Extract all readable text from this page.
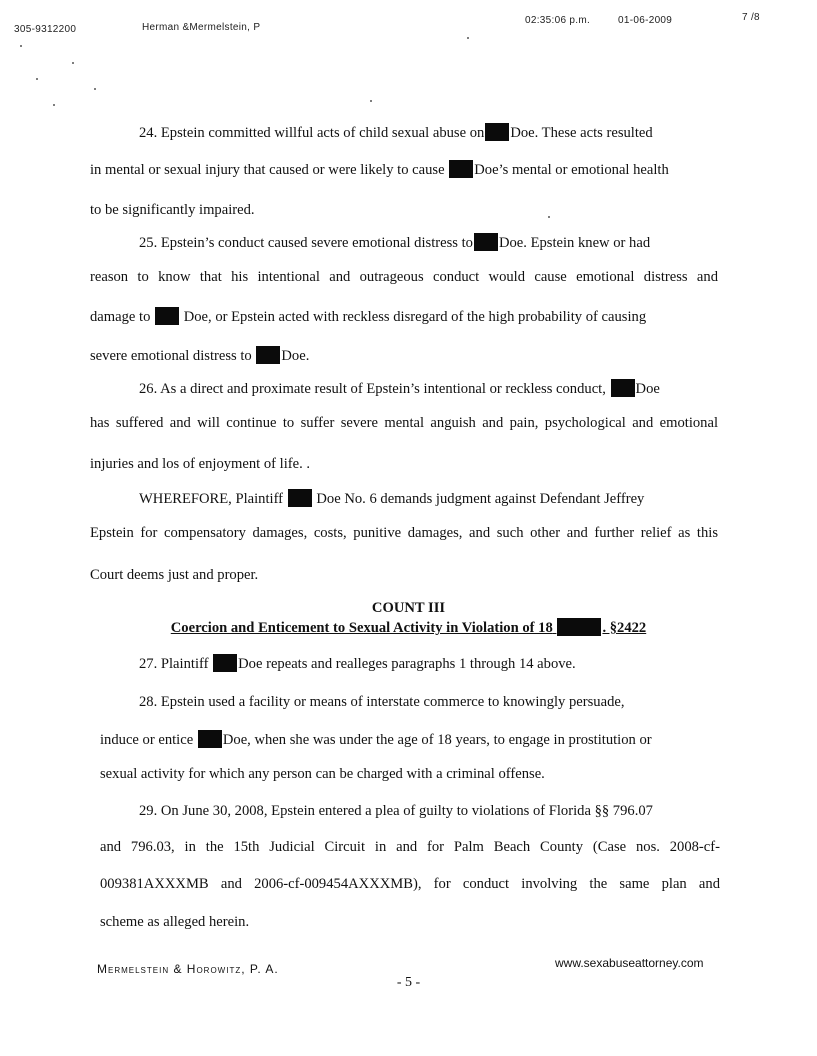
305-9312200	Herman &Mermelstein, P
02:35:06 p.m.	01-06-2009	7 /8
24. Epstein committed willful acts of child sexual abuse on Doe. These acts resulted
in mental or sexual injury that caused or were likely to cause Doe’s mental or emotional health
to be significantly impaired.
25. Epstein’s conduct caused severe emotional distress to Doe. Epstein knew or had
reason to know that his intentional and outrageous conduct would cause emotional distress and
damage to Doe, or Epstein acted with reckless disregard of the high probability of causing
severe emotional distress to Doe.
26. As a direct and proximate result of Epstein’s intentional or reckless conduct, Doe
has suffered and will continue to suffer severe mental anguish and pain, psychological and emotional
injuries and los of enjoyment of life. .
WHEREFORE, Plaintiff Doe No. 6 demands judgment against Defendant Jeffrey
Epstein for compensatory damages, costs, punitive damages, and such other and further relief as this
Court deems just and proper.
COUNT III
Coercion and Enticement to Sexual Activity in Violation of 18	. §2422
27. Plaintiff Doe repeats and realleges paragraphs 1 through 14 above.
28. Epstein used a facility or means of interstate commerce to knowingly persuade,
induce or entice Doe, when she was under the age of 18 years, to engage in prostitution or
sexual activity for which any person can be charged with a criminal offense.
29. On June 30, 2008, Epstein entered a plea of guilty to violations of Florida §§ 796.07
and 796.03, in the 15th Judicial Circuit in and for Palm Beach County (Case nos. 2008-cf-
009381AXXXMB and 2006-cf-009454AXXXMB), for conduct involving the same plan and
scheme as alleged herein.
Mermelstein & Horowitz, P. A.	www.sexabuseattorney.com
- 5 -
